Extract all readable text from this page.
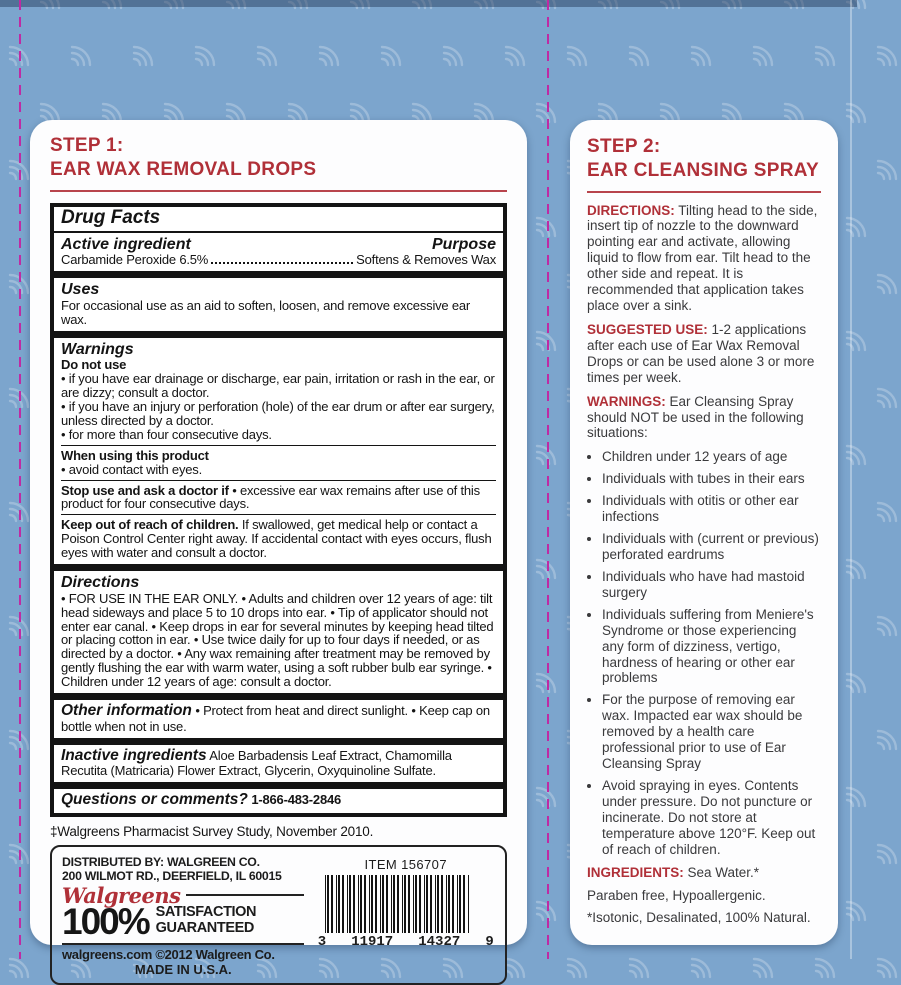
STEP 1:
EAR WAX REMOVAL DROPS
Drug Facts
Active ingredient	Purpose
Carbamide Peroxide 6.5%	Softens & Removes Wax
Uses
For occasional use as an aid to soften, loosen, and remove excessive ear wax.
Warnings
Do not use
• if you have ear drainage or discharge, ear pain, irritation or rash in the ear, or are dizzy; consult a doctor.
• if you have an injury or perforation (hole) of the ear drum or after ear surgery, unless directed by a doctor.
• for more than four consecutive days.
When using this product
• avoid contact with eyes.
Stop use and ask a doctor if • excessive ear wax remains after use of this product for four consecutive days.
Keep out of reach of children. If swallowed, get medical help or contact a Poison Control Center right away. If accidental contact with eyes occurs, flush eyes with water and consult a doctor.
Directions
• FOR USE IN THE EAR ONLY. • Adults and children over 12 years of age: tilt head sideways and place 5 to 10 drops into ear. • Tip of applicator should not enter ear canal. • Keep drops in ear for several minutes by keeping head tilted or placing cotton in ear. • Use twice daily for up to four days if needed, or as directed by a doctor. • Any wax remaining after treatment may be removed by gently flushing the ear with warm water, using a soft rubber bulb ear syringe. • Children under 12 years of age: consult a doctor.
Other information • Protect from heat and direct sunlight. • Keep cap on bottle when not in use.
Inactive ingredients Aloe Barbadensis Leaf Extract, Chamomilla Recutita (Matricaria) Flower Extract, Glycerin, Oxyquinoline Sulfate.
Questions or comments? 1-866-483-2846
‡Walgreens Pharmacist Survey Study, November 2010.
DISTRIBUTED BY: WALGREEN CO.
200 WILMOT RD., DEERFIELD, IL 60015
Walgreens
100% SATISFACTION
GUARANTEED
walgreens.com ©2012 Walgreen Co.
MADE IN U.S.A.
ITEM 156707
3 11917 14327 9
STEP 2:
EAR CLEANSING SPRAY

DIRECTIONS: Tilting head to the side, insert tip of nozzle to the downward pointing ear and activate, allowing liquid to flow from ear. Tilt head to the other side and repeat. It is recommended that application takes place over a sink.

SUGGESTED USE: 1-2 applications after each use of Ear Wax Removal Drops or can be used alone 3 or more times per week.

WARNINGS: Ear Cleansing Spray should NOT be used in the following situations:

• Children under 12 years of age
• Individuals with tubes in their ears
• Individuals with otitis or other ear infections
• Individuals with (current or previous) perforated eardrums
• Individuals who have had mastoid surgery
• Individuals suffering from Meniere's Syndrome or those experiencing any form of dizziness, vertigo, hardness of hearing or other ear problems
• For the purpose of removing ear wax. Impacted ear wax should be removed by a health care professional prior to use of Ear Cleansing Spray
• Avoid spraying in eyes. Contents under pressure. Do not puncture or incinerate. Do not store at temperature above 120°F. Keep out of reach of children.

INGREDIENTS: Sea Water.*

Paraben free, Hypoallergenic.

*Isotonic, Desalinated, 100% Natural.
